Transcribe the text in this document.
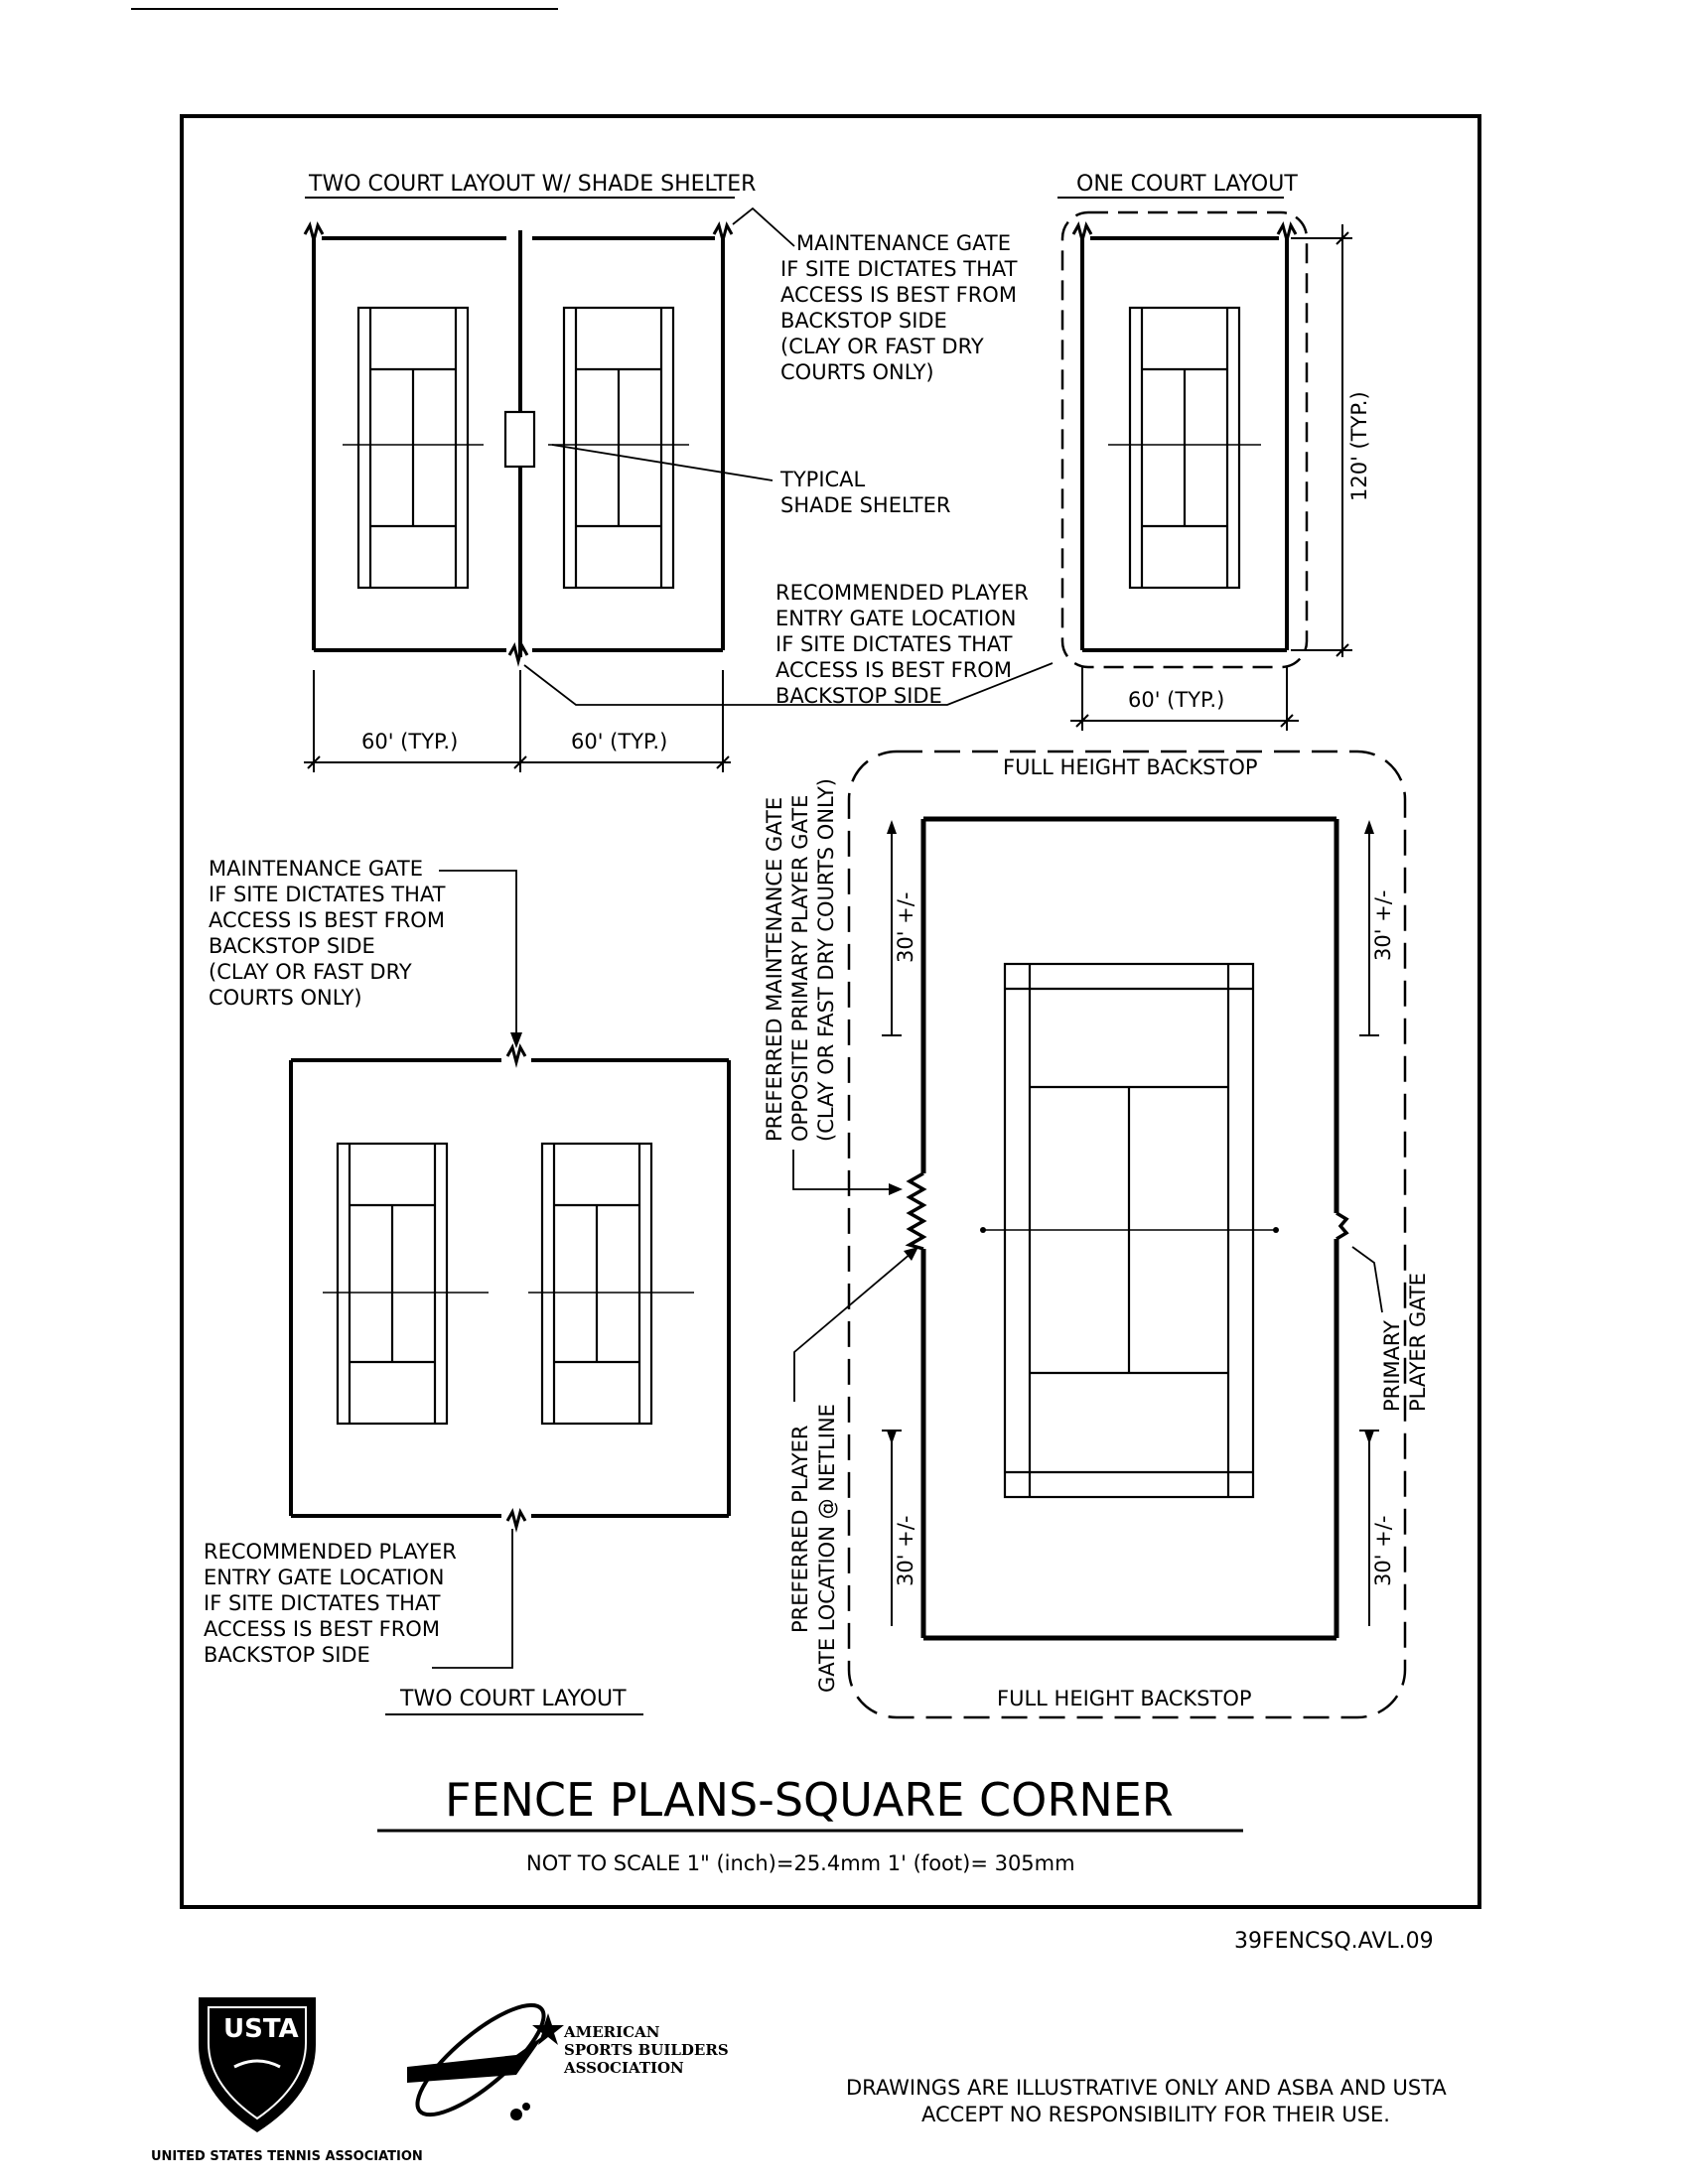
TWO COURT LAYOUT W/ SHADE SHELTER
60' (TYP.)	60' (TYP.)
MAINTENANCE GATE IF SITE DICTATES THAT ACCESS IS BEST FROM BACKSTOP SIDE (CLAY OR FAST DRY COURTS ONLY)
TYPICAL SHADE SHELTER
RECOMMENDED PLAYER ENTRY GATE LOCATION IF SITE DICTATES THAT ACCESS IS BEST FROM BACKSTOP SIDE
ONE COURT LAYOUT
120' (TYP.)
60' (TYP.)
MAINTENANCE GATE IF SITE DICTATES THAT ACCESS IS BEST FROM BACKSTOP SIDE (CLAY OR FAST DRY COURTS ONLY)
RECOMMENDED PLAYER ENTRY GATE LOCATION IF SITE DICTATES THAT ACCESS IS BEST FROM BACKSTOP SIDE
TWO COURT LAYOUT
FULL HEIGHT BACKSTOP
FULL HEIGHT BACKSTOP
30' +/-	30' +/-
30' +/-	30' +/-
PREFERRED MAINTENANCE GATE OPPOSITE PRIMARY PLAYER GATE (CLAY OR FAST DRY COURTS ONLY)
PREFERRED PLAYER GATE LOCATION @ NETLINE
PRIMARY PLAYER GATE
FENCE PLANS-SQUARE CORNER
NOT TO SCALE 1" (inch)=25.4mm 1' (foot)= 305mm
39FENCSQ.AVL.09
USTA
UNITED STATES TENNIS ASSOCIATION
AMERICAN SPORTS BUILDERS ASSOCIATION
DRAWINGS ARE ILLUSTRATIVE ONLY AND ASBA AND USTA ACCEPT NO RESPONSIBILITY FOR THEIR USE.
